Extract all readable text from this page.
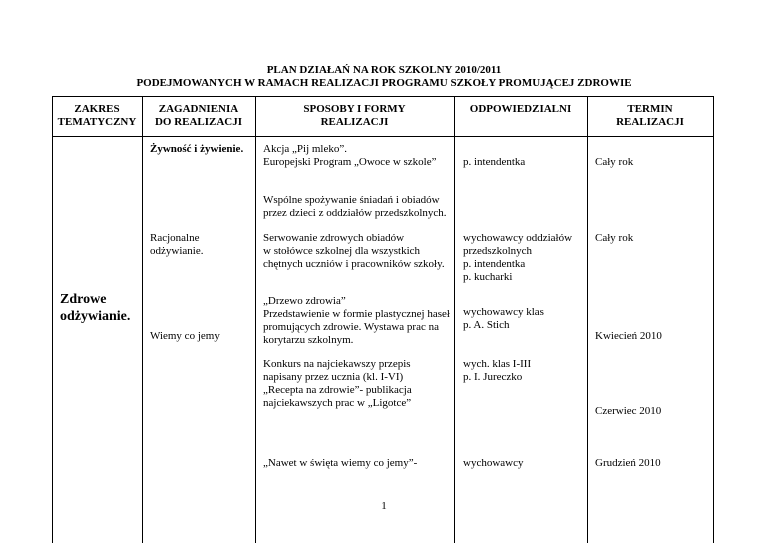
PLAN DZIAŁAŃ NA ROK SZKOLNY 2010/2011
PODEJMOWANYCH W RAMACH REALIZACJI PROGRAMU SZKOŁY PROMUJĄCEJ ZDROWIE
ZAKRES
TEMATYCZNY
ZAGADNIENIA
DO REALIZACJI
SPOSOBY I FORMY
REALIZACJI
ODPOWIEDZIALNI	TERMIN
REALIZACJI
Zdrowe
odżywianie.
Żywność i żywienie.
Racjonalne
odżywianie.
Wiemy co jemy
Akcja „Pij mleko”.
Europejski Program „Owoce w szkole”
Wspólne spożywanie śniadań i obiadów
przez dzieci z oddziałów przedszkolnych.
Serwowanie zdrowych obiadów
w stołówce szkolnej dla wszystkich
chętnych uczniów i pracowników szkoły.
„Drzewo zdrowia”
Przedstawienie w formie plastycznej haseł
promujących zdrowie. Wystawa prac na
korytarzu szkolnym.
Konkurs na najciekawszy przepis
napisany przez ucznia (kl. I-VI)
„Recepta na zdrowie”- publikacja
najciekawszych prac w „Ligotce”
„Nawet w święta wiemy co jemy”-
p. intendentka
wychowawcy oddziałów
przedszkolnych
p. intendentka
p. kucharki
wychowawcy klas
p. A. Stich
wych. klas I-III
p. I. Jureczko
wychowawcy
Cały rok
Cały rok
Kwiecień 2010
Czerwiec 2010
Grudzień 2010
1
